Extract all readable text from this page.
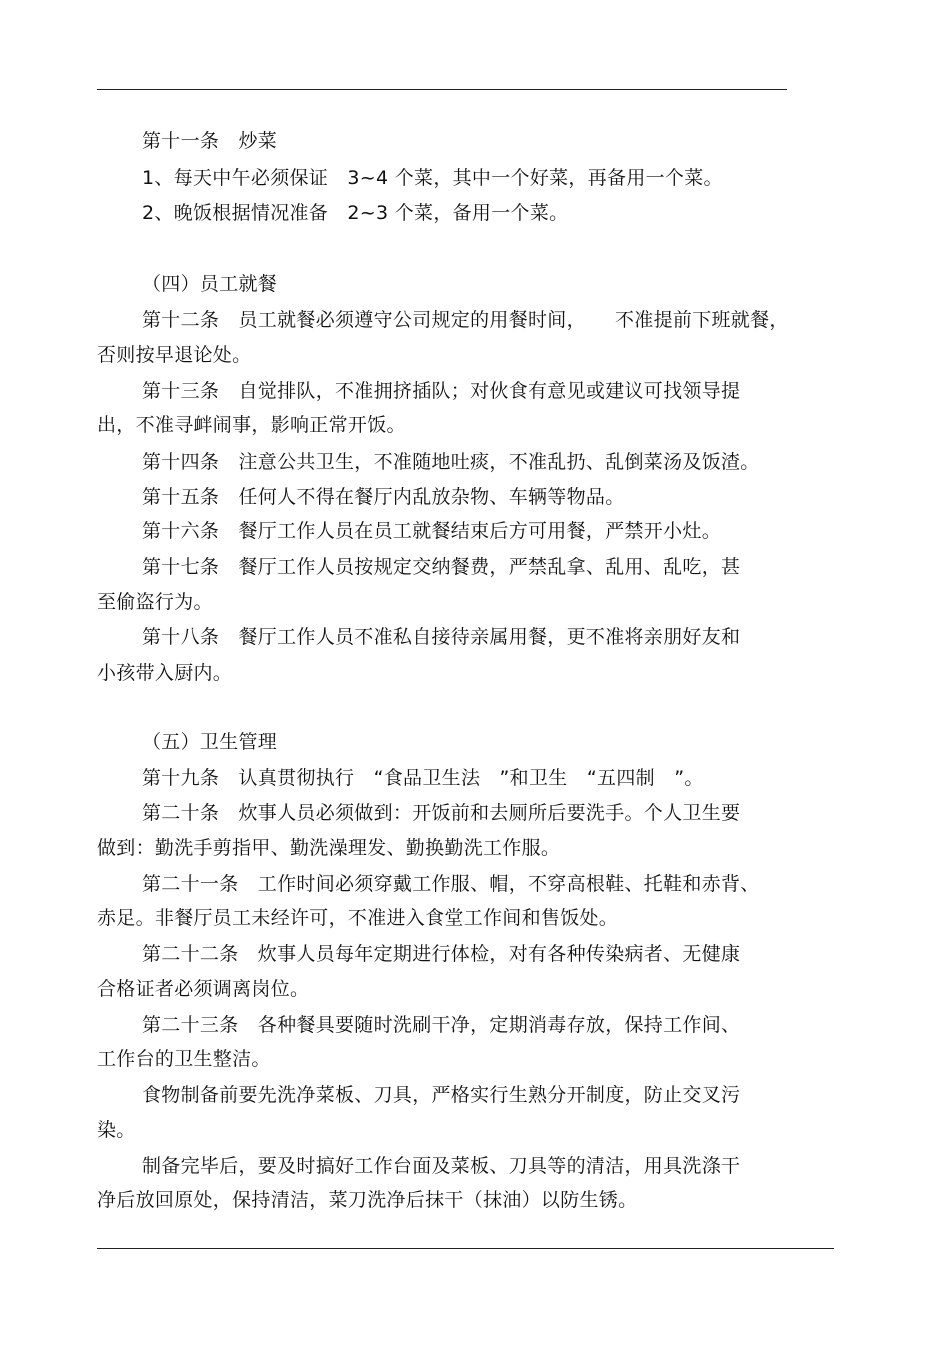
第十一条　炒菜
1、每天中午必须保证　3~4 个菜，其中一个好菜，再备用一个菜。
2、晚饭根据情况准备　2~3 个菜，备用一个菜。
（四）员工就餐
第十二条　员工就餐必须遵守公司规定的用餐时间，　　不准提前下班就餐，
否则按早退论处。
第十三条　自觉排队，不准拥挤插队；对伙食有意见或建议可找领导提
出，不准寻衅闹事，影响正常开饭。
第十四条　注意公共卫生，不准随地吐痰，不准乱扔、乱倒菜汤及饭渣。
第十五条　任何人不得在餐厅内乱放杂物、车辆等物品。
第十六条　餐厅工作人员在员工就餐结束后方可用餐，严禁开小灶。
第十七条　餐厅工作人员按规定交纳餐费，严禁乱拿、乱用、乱吃，甚
至偷盗行为。
第十八条　餐厅工作人员不准私自接待亲属用餐，更不准将亲朋好友和
小孩带入厨内。
（五）卫生管理
第十九条　认真贯彻执行　“食品卫生法　”和卫生　“五四制　”。
第二十条　炊事人员必须做到：开饭前和去厕所后要洗手。个人卫生要
做到：勤洗手剪指甲、勤洗澡理发、勤换勤洗工作服。
第二十一条　工作时间必须穿戴工作服、帽，不穿高根鞋、托鞋和赤背、
赤足。非餐厅员工未经许可，不准进入食堂工作间和售饭处。
第二十二条　炊事人员每年定期进行体检，对有各种传染病者、无健康
合格证者必须调离岗位。
第二十三条　各种餐具要随时洗刷干净，定期消毒存放，保持工作间、
工作台的卫生整洁。
食物制备前要先洗净菜板、刀具，严格实行生熟分开制度，防止交叉污
染。
制备完毕后，要及时搞好工作台面及菜板、刀具等的清洁，用具洗涤干
净后放回原处，保持清洁，菜刀洗净后抹干（抹油）以防生锈。
